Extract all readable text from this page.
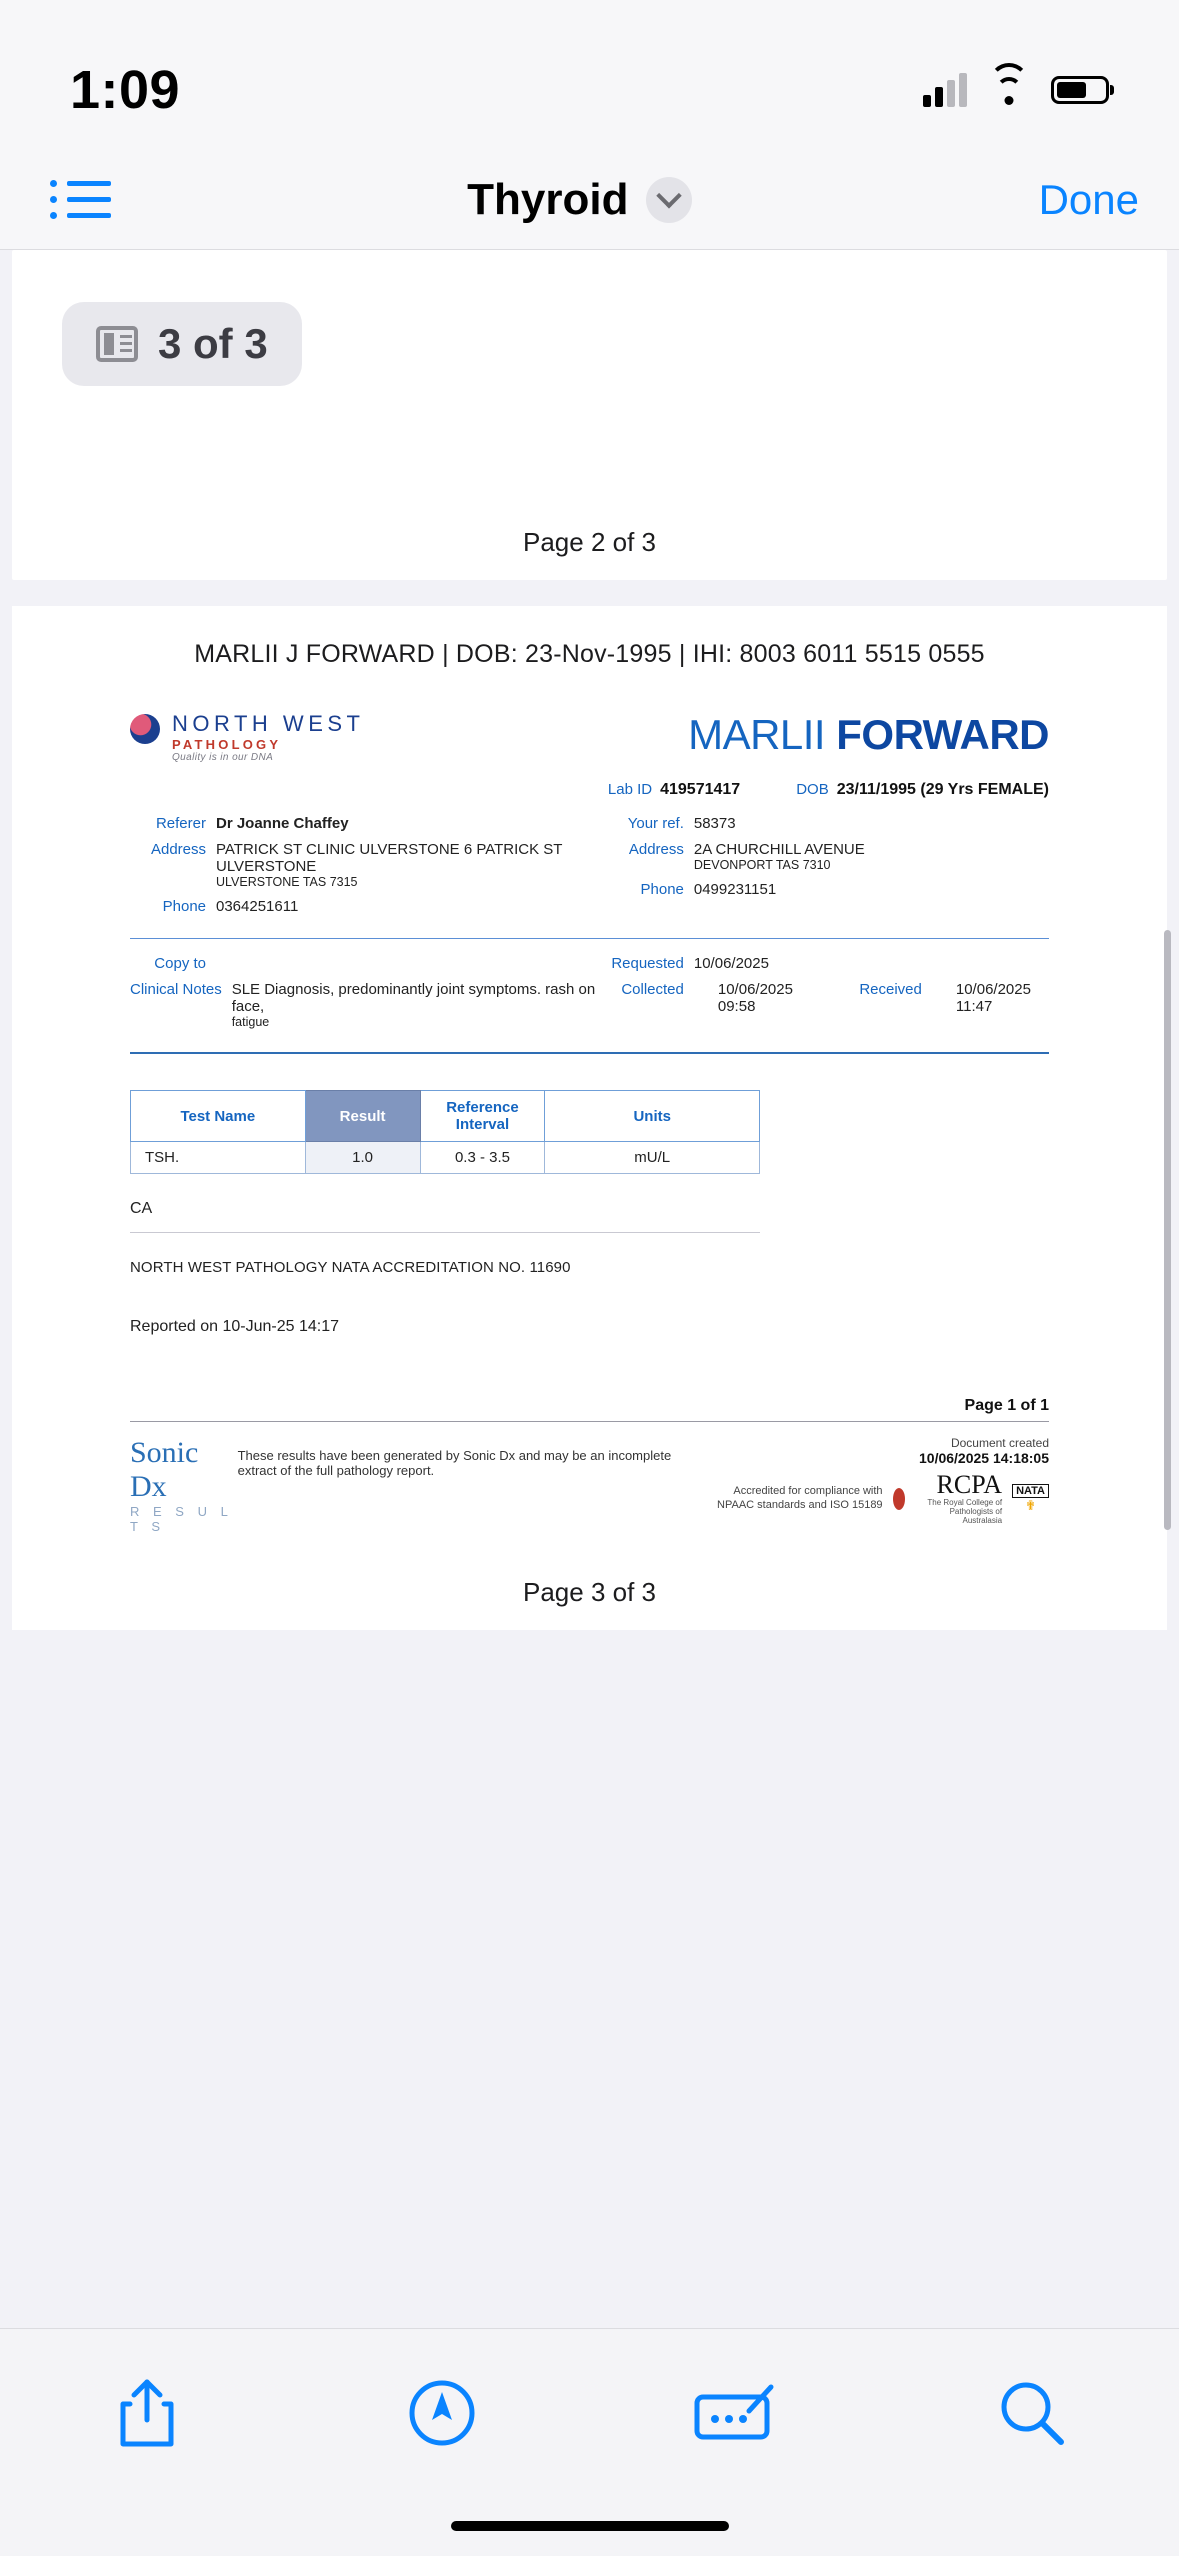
1:09
Thyroid	Done
3 of 3
Page 2 of 3
MARLII J FORWARD | DOB: 23-Nov-1995 | IHI: 8003 6011 5515 0555
NORTH WEST
PATHOLOGY
Quality is in our DNA	MARLII FORWARD
Lab ID 419571417	DOB 23/11/1995 (29 Yrs FEMALE)
Referer Dr Joanne Chaffey
Address PATRICK ST CLINIC ULVERSTONE 6 PATRICK ST ULVERSTONE
ULVERSTONE TAS 7315
Phone 0364251611
Your ref. 58373
Address 2A CHURCHILL AVENUE
DEVONPORT TAS 7310
Phone 0499231151
Copy to
Clinical Notes SLE Diagnosis, predominantly joint symptoms. rash on face,
fatigue
Requested 10/06/2025
Collected 10/06/2025 09:58
Received 10/06/2025 11:47
Test Name	Result	Reference Interval	Units
TSH.	1.0	0.3 - 3.5	mU/L
CA
NORTH WEST PATHOLOGY NATA ACCREDITATION NO. 11690
Reported on 10-Jun-25 14:17
Page 1 of 1
Sonic Dx
R E S U L T S
These results have been generated by Sonic Dx and may be an incomplete extract of the full pathology report.
Document created
10/06/2025 14:18:05
Accredited for compliance with NPAAC standards and ISO 15189
RCPA
The Royal College of Pathologists of Australasia
NATA
✟
Page 3 of 3
